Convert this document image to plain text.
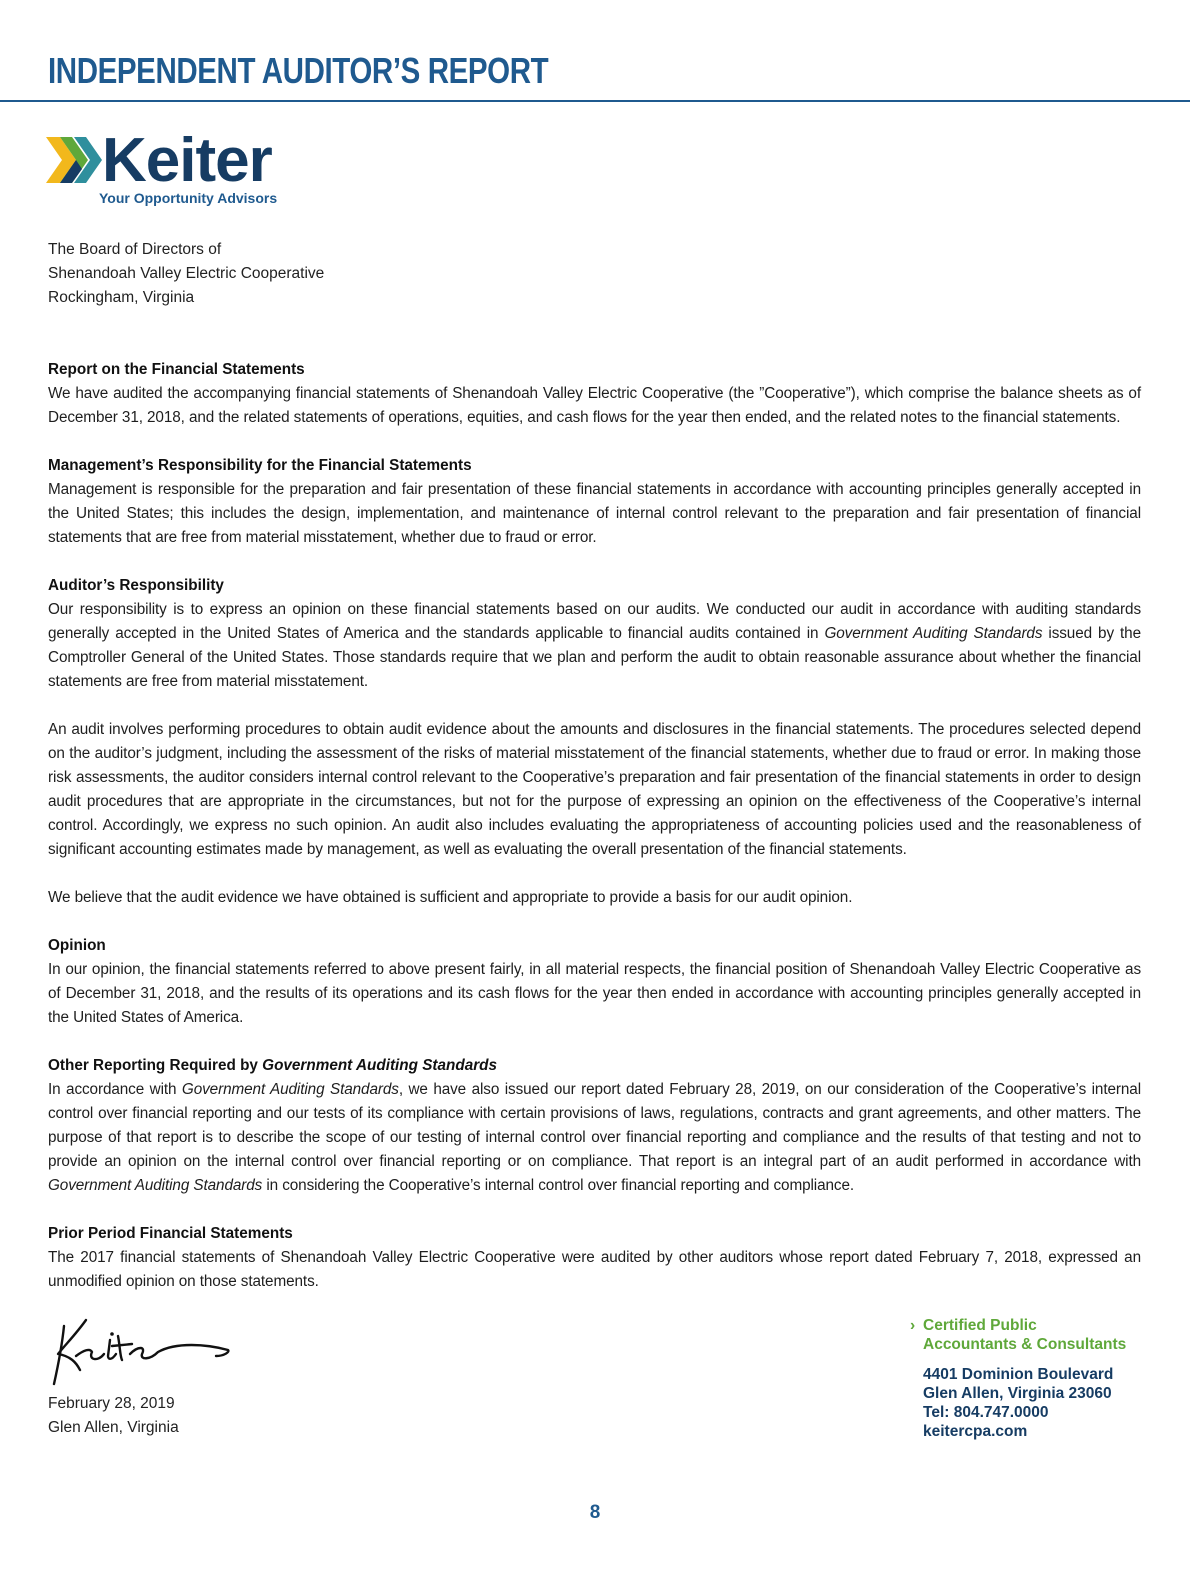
INDEPENDENT AUDITOR’S REPORT
Keiter
Your Opportunity Advisors
The Board of Directors of
Shenandoah Valley Electric Cooperative
Rockingham, Virginia
Report on the Financial Statements

We have audited the accompanying financial statements of Shenandoah Valley Electric Cooperative (the ”Cooperative”), which comprise the balance sheets as of December 31, 2018, and the related statements of operations, equities, and cash flows for the year then ended, and the related notes to the financial statements.

Management’s Responsibility for the Financial Statements

Management is responsible for the preparation and fair presentation of these financial statements in accordance with accounting principles generally accepted in the United States; this includes the design, implementation, and maintenance of internal control relevant to the preparation and fair presentation of financial statements that are free from material misstatement, whether due to fraud or error.

Auditor’s Responsibility

Our responsibility is to express an opinion on these financial statements based on our audits. We conducted our audit in accordance with auditing standards generally accepted in the United States of America and the standards applicable to financial audits contained in Government Auditing Standards issued by the Comptroller General of the United States. Those standards require that we plan and perform the audit to obtain reasonable assurance about whether the financial statements are free from material misstatement.

An audit involves performing procedures to obtain audit evidence about the amounts and disclosures in the financial statements. The procedures selected depend on the auditor’s judgment, including the assessment of the risks of material misstatement of the financial statements, whether due to fraud or error. In making those risk assessments, the auditor considers internal control relevant to the Cooperative’s preparation and fair presentation of the financial statements in order to design audit procedures that are appropriate in the circumstances, but not for the purpose of expressing an opinion on the effectiveness of the Cooperative’s internal control. Accordingly, we express no such opinion. An audit also includes evaluating the appropriateness of accounting policies used and the reasonableness of significant accounting estimates made by management, as well as evaluating the overall presentation of the financial statements.

We believe that the audit evidence we have obtained is sufficient and appropriate to provide a basis for our audit opinion.

Opinion

In our opinion, the financial statements referred to above present fairly, in all material respects, the financial position of Shenandoah Valley Electric Cooperative as of December 31, 2018, and the results of its operations and its cash flows for the year then ended in accordance with accounting principles generally accepted in the United States of America.

Other Reporting Required by Government Auditing Standards

In accordance with Government Auditing Standards, we have also issued our report dated February 28, 2019, on our consideration of the Cooperative’s internal control over financial reporting and our tests of its compliance with certain provisions of laws, regulations, contracts and grant agreements, and other matters. The purpose of that report is to describe the scope of our testing of internal control over financial reporting and compliance and the results of that testing and not to provide an opinion on the internal control over financial reporting or on compliance. That report is an integral part of an audit performed in accordance with Government Auditing Standards in considering the Cooperative’s internal control over financial reporting and compliance.

Prior Period Financial Statements

The 2017 financial statements of Shenandoah Valley Electric Cooperative were audited by other auditors whose report dated February 7, 2018, expressed an unmodified opinion on those statements.

February 28, 2019
Glen Allen, Virginia
› Certified Public
Accountants & Consultants
4401 Dominion Boulevard
Glen Allen, Virginia 23060
Tel: 804.747.0000
keitercpa.com
8
